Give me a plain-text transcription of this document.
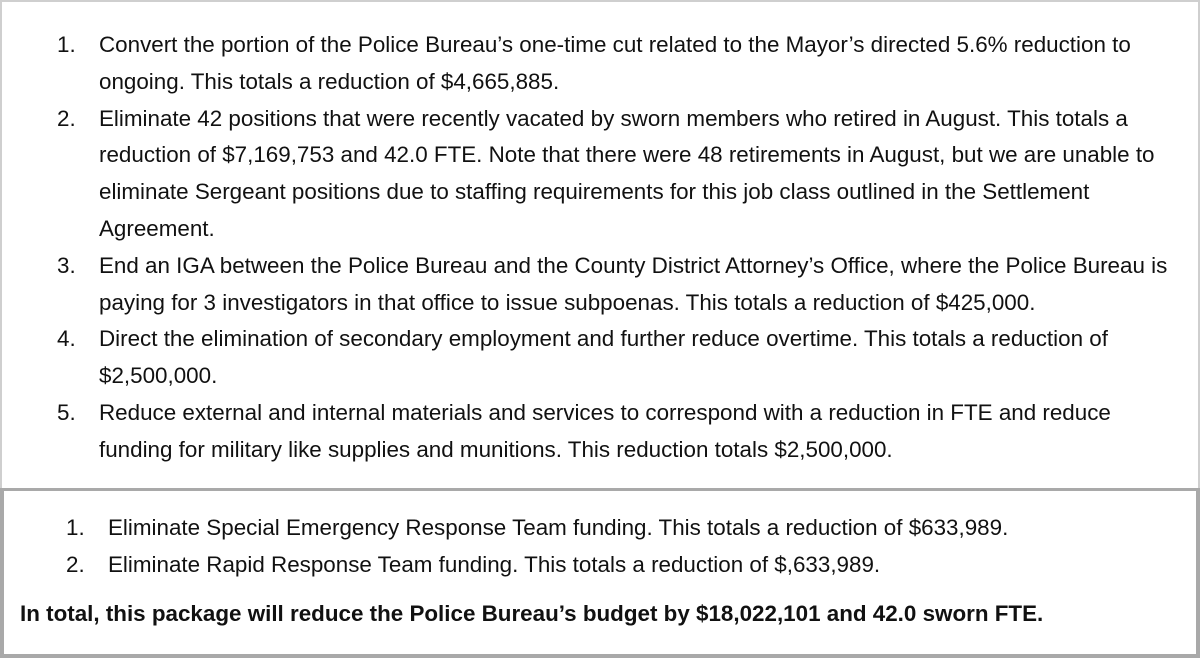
1. Convert the portion of the Police Bureau’s one-time cut related to the Mayor’s directed 5.6% reduction to ongoing. This totals a reduction of $4,665,885.
2. Eliminate 42 positions that were recently vacated by sworn members who retired in August. This totals a reduction of $7,169,753 and 42.0 FTE. Note that there were 48 retirements in August, but we are unable to eliminate Sergeant positions due to staffing requirements for this job class outlined in the Settlement Agreement.
3. End an IGA between the Police Bureau and the County District Attorney’s Office, where the Police Bureau is paying for 3 investigators in that office to issue subpoenas. This totals a reduction of $425,000.
4. Direct the elimination of secondary employment and further reduce overtime. This totals a reduction of $2,500,000.
5. Reduce external and internal materials and services to correspond with a reduction in FTE and reduce funding for military like supplies and munitions. This reduction totals $2,500,000.
1. Eliminate Special Emergency Response Team funding. This totals a reduction of $633,989.
2. Eliminate Rapid Response Team funding. This totals a reduction of $,633,989.
In total, this package will reduce the Police Bureau’s budget by $18,022,101 and 42.0 sworn FTE.
